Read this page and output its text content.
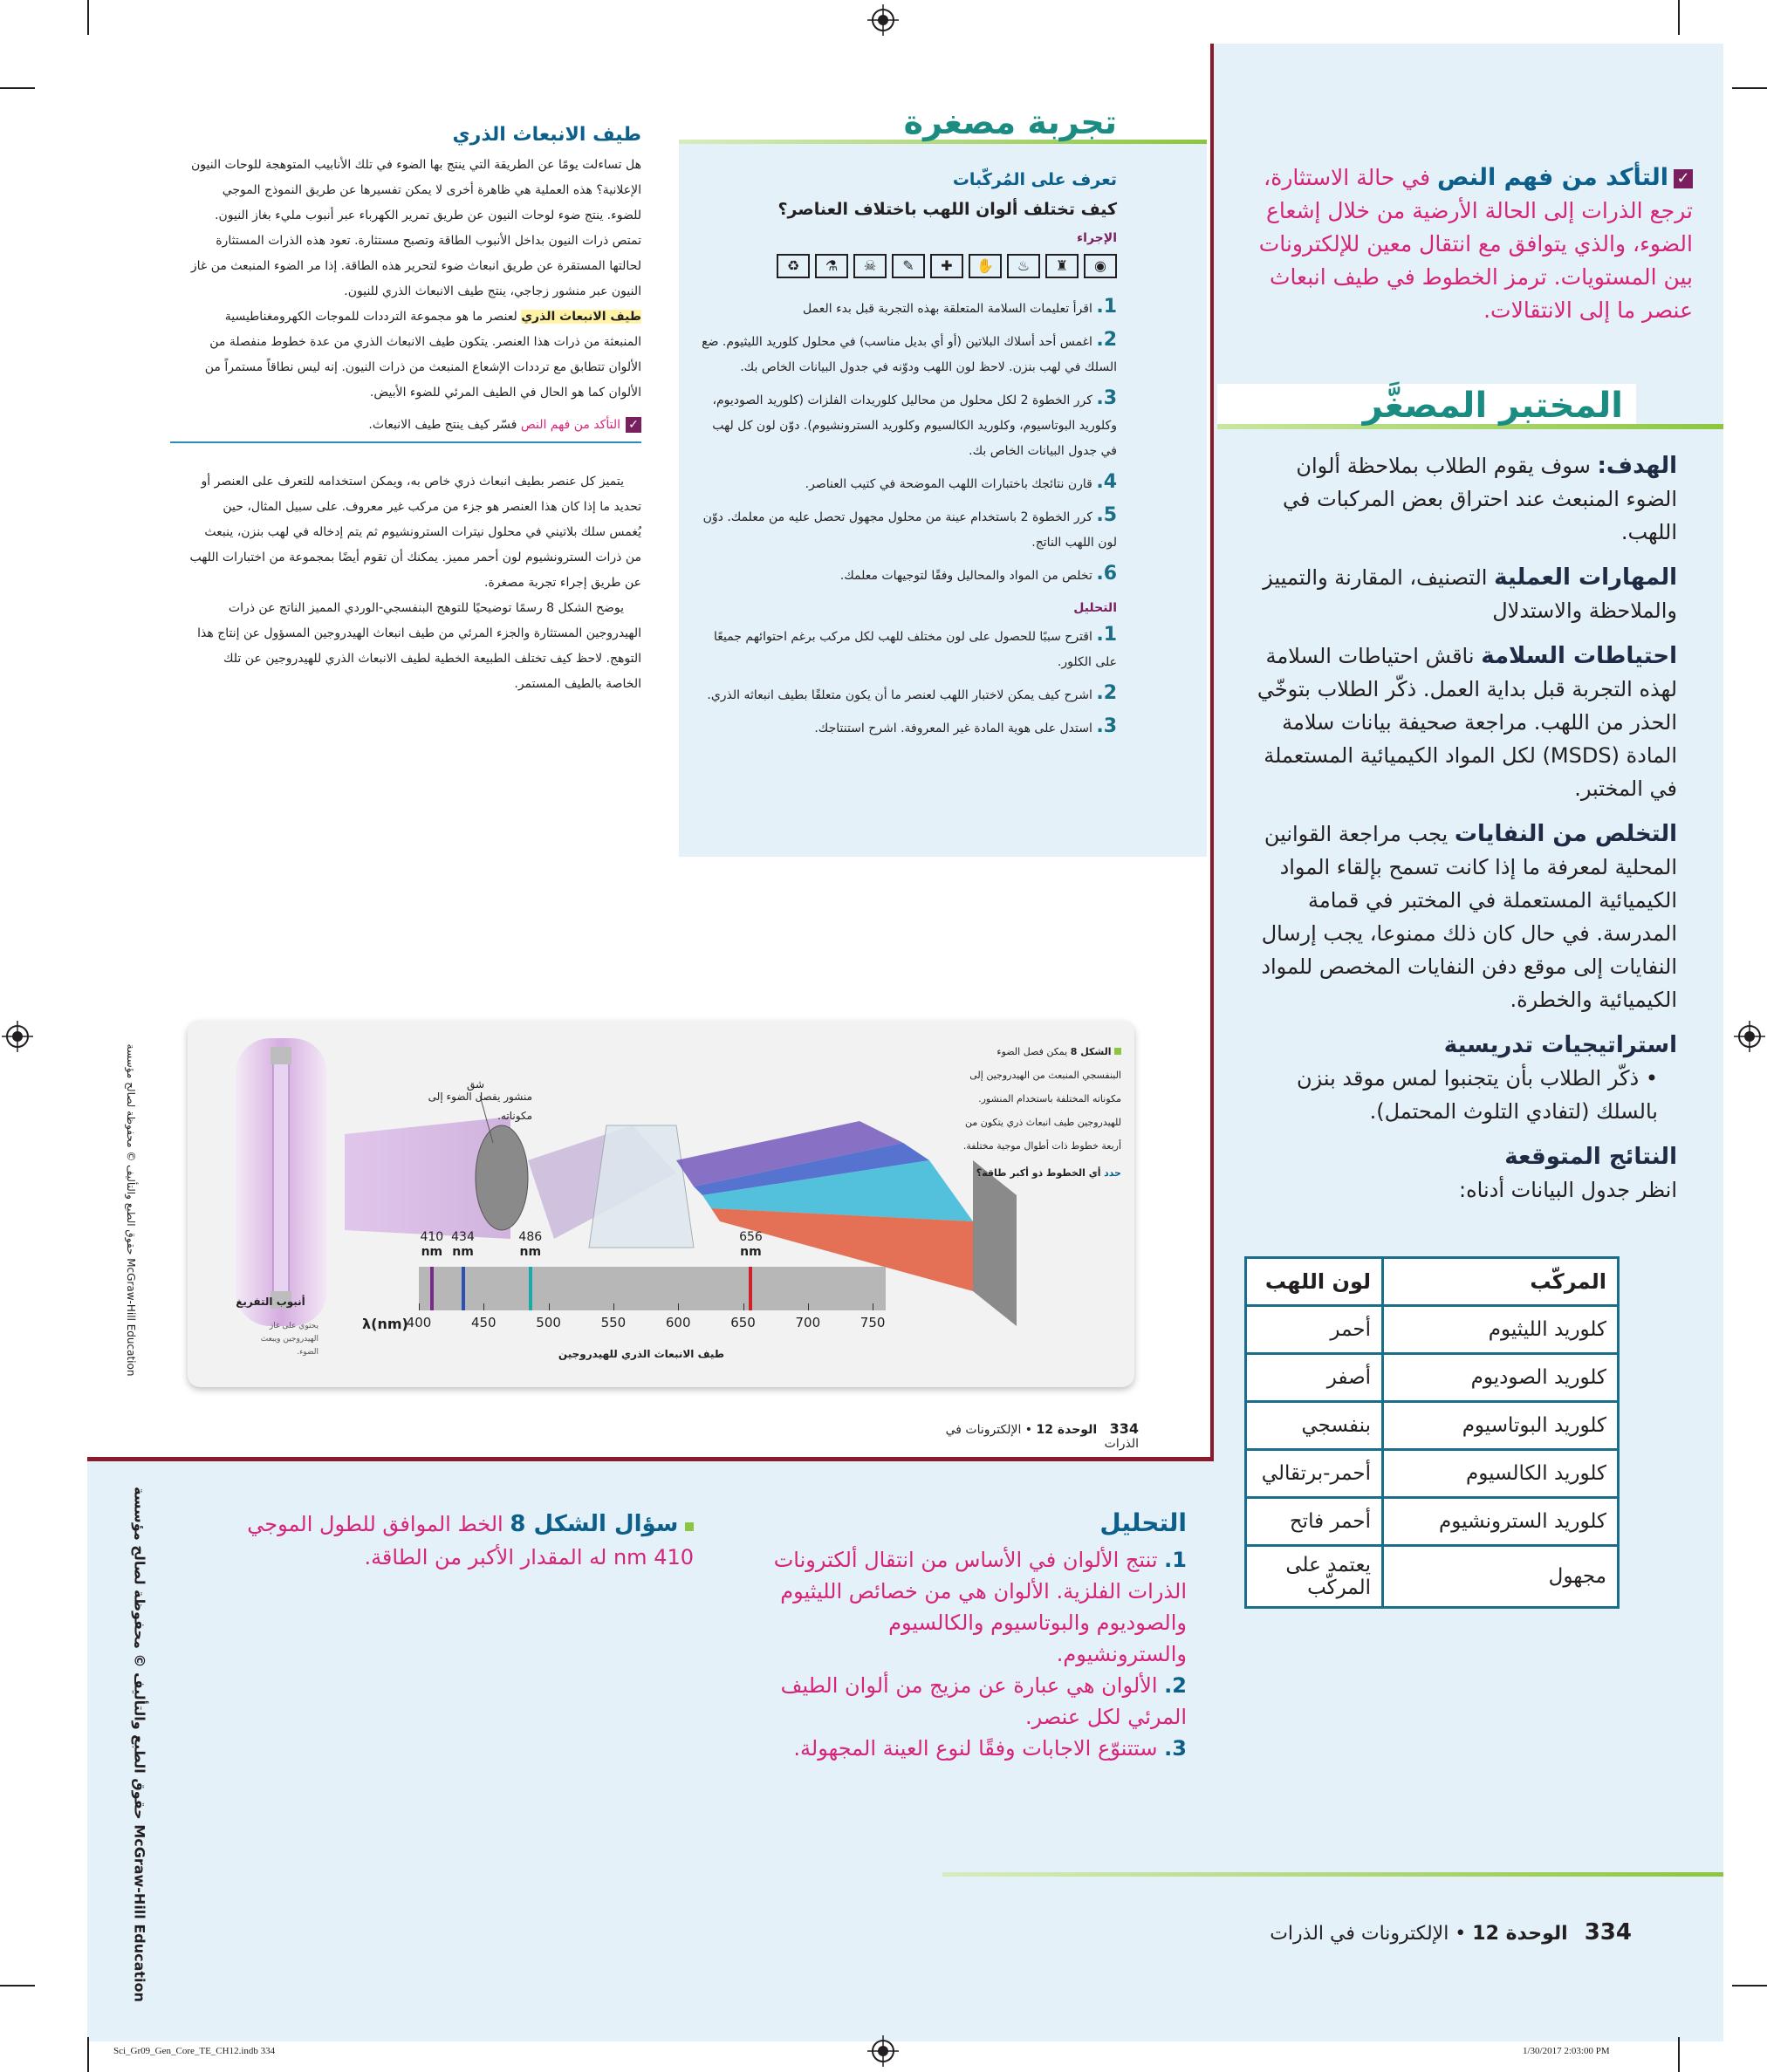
✓التأكد من فهم النص في حالة الاستثارة، ترجع الذرات إلى الحالة الأرضية من خلال إشعاع الضوء، والذي يتوافق مع انتقال معين للإلكترونات بين المستويات. ترمز الخطوط في طيف انبعاث عنصر ما إلى الانتقالات.
المختبر المصغَّر
الهدف: سوف يقوم الطلاب بملاحظة ألوان الضوء المنبعث عند احتراق بعض المركبات في اللهب.
المهارات العملية التصنيف، المقارنة والتمييز والملاحظة والاستدلال
احتياطات السلامة ناقش احتياطات السلامة لهذه التجربة قبل بداية العمل. ذكّر الطلاب بتوخّي الحذر من اللهب. مراجعة صحيفة بيانات سلامة المادة (MSDS) لكل المواد الكيميائية المستعملة في المختبر.
التخلص من النفايات يجب مراجعة القوانين المحلية لمعرفة ما إذا كانت تسمح بإلقاء المواد الكيميائية المستعملة في المختبر في قمامة المدرسة. في حال كان ذلك ممنوعا، يجب إرسال النفايات إلى موقع دفن النفايات المخصص للمواد الكيميائية والخطرة.
استراتيجيات تدريسية
• ذكّر الطلاب بأن يتجنبوا لمس موقد بنزن بالسلك (لتفادي التلوث المحتمل).
النتائج المتوقعة
انظر جدول البيانات أدناه:
المركّب	لون اللهب
كلوريد الليثيوم	أحمر
كلوريد الصوديوم	أصفر
كلوريد البوتاسيوم	بنفسجي
كلوريد الكالسيوم	أحمر-برتقالي
كلوريد السترونشيوم	أحمر فاتح
مجهول	يعتمد على المركّب
تجربة مصغرة
تعرف على المُركّبات
كيف تختلف ألوان اللهب باختلاف العناصر؟
الإجراء
◉
♜
♨
✋
✚
✎
☠
⚗
♻
1. اقرأ تعليمات السلامة المتعلقة بهذه التجربة قبل بدء العمل
2. اغمس أحد أسلاك البلاتين (أو أي بديل مناسب) في محلول كلوريد الليثيوم. ضع السلك في لهب بنزن. لاحظ لون اللهب ودوّنه في جدول البيانات الخاص بك.
3. كرر الخطوة 2 لكل محلول من محاليل كلوريدات الفلزات (كلوريد الصوديوم، وكلوريد البوتاسيوم، وكلوريد الكالسيوم وكلوريد السترونشيوم). دوّن لون كل لهب في جدول البيانات الخاص بك.
4. قارن نتائجك باختبارات اللهب الموضحة في كتيب العناصر.
5. كرر الخطوة 2 باستخدام عينة من محلول مجهول تحصل عليه من معلمك. دوّن لون اللهب الناتج.
6. تخلص من المواد والمحاليل وفقًا لتوجيهات معلمك.
التحليل
1. اقترح سببًا للحصول على لون مختلف للهب لكل مركب برغم احتوائهم جميعًا على الكلور.
2. اشرح كيف يمكن لاختبار اللهب لعنصر ما أن يكون متعلقًا بطيف انبعاثه الذري.
3. استدل على هوية المادة غير المعروفة. اشرح استنتاجك.
طيف الانبعاث الذري
هل تساءلت يومًا عن الطريقة التي ينتج بها الضوء في تلك الأنابيب المتوهجة للوحات النيون الإعلانية؟ هذه العملية هي ظاهرة أخرى لا يمكن تفسيرها عن طريق النموذج الموجي للضوء. ينتج ضوء لوحات النيون عن طريق تمرير الكهرباء عبر أنبوب مليء بغاز النيون. تمتص ذرات النيون بداخل الأنبوب الطاقة وتصبح مستثارة. تعود هذه الذرات المستثارة لحالتها المستقرة عن طريق انبعاث ضوء لتحرير هذه الطاقة. إذا مر الضوء المنبعث من غاز النيون عبر منشور زجاجي، ينتج طيف الانبعاث الذري للنيون.
طيف الانبعاث الذري لعنصر ما هو مجموعة الترددات للموجات الكهرومغناطيسية المنبعثة من ذرات هذا العنصر. يتكون طيف الانبعاث الذري من عدة خطوط منفصلة من الألوان تتطابق مع ترددات الإشعاع المنبعث من ذرات النيون. إنه ليس نطاقاً مستمراً من الألوان كما هو الحال في الطيف المرئي للضوء الأبيض.
✓التأكد من فهم النص فسّر كيف ينتج طيف الانبعاث.
يتميز كل عنصر بطيف انبعاث ذري خاص به، ويمكن استخدامه للتعرف على العنصر أو تحديد ما إذا كان هذا العنصر هو جزء من مركب غير معروف. على سبيل المثال، حين يُغمس سلك بلاتيني في محلول نيترات السترونشيوم ثم يتم إدخاله في لهب بنزن، ينبعث من ذرات السترونشيوم لون أحمر مميز. يمكنك أن تقوم أيضًا بمجموعة من اختبارات اللهب عن طريق إجراء تجربة مصغرة.
يوضح الشكل 8 رسمًا توضيحيًا للتوهج البنفسجي-الوردي المميز الناتج عن ذرات الهيدروجين المستثارة والجزء المرئي من طيف انبعاث الهيدروجين المسؤول عن إنتاج هذا التوهج. لاحظ كيف تختلف الطبيعة الخطية لطيف الانبعاث الذري للهيدروجين عن تلك الخاصة بالطيف المستمر.
400	450	500	550	600	650	700	750
410
nm
434
nm
486
nm
656
nm
λ(nm)
طيف الانبعاث الذري للهيدروجين
شق
منشور يفصل الضوء إلى مكوناته.
أنبوب التفريغ
يحتوي على غاز الهيدروجين ويبعث الضوء.
الشكل 8 يمكن فصل الضوء البنفسجي المنبعث من الهيدروجين إلى مكوناته المختلفة باستخدام المنشور. للهيدروجين طيف انبعاث ذري يتكون من أربعة خطوط ذات أطوال موجية مختلفة.
حدد أي الخطوط ذو أكبر طاقة؟
334 الوحدة 12 • الإلكترونات في الذرات
McGraw-Hill Education حقوق الطبع والتأليف © محفوظة لصالح مؤسسة
McGraw-Hill Education حقوق الطبع والتأليف © محفوظة لصالح مؤسسة
التحليل
1. تنتج الألوان في الأساس من انتقال ألكترونات الذرات الفلزية. الألوان هي من خصائص الليثيوم والصوديوم والبوتاسيوم والكالسيوم والسترونشيوم.
2. الألوان هي عبارة عن مزيج من ألوان الطيف المرئي لكل عنصر.
3. ستتنوّع الاجابات وفقًا لنوع العينة المجهولة.
سؤال الشكل 8 الخط الموافق للطول الموجي 410 nm له المقدار الأكبر من الطاقة.
334 الوحدة 12 • الإلكترونات في الذرات
Sci_Gr09_Gen_Core_TE_CH12.indb 334	1/30/2017 2:03:00 PM
